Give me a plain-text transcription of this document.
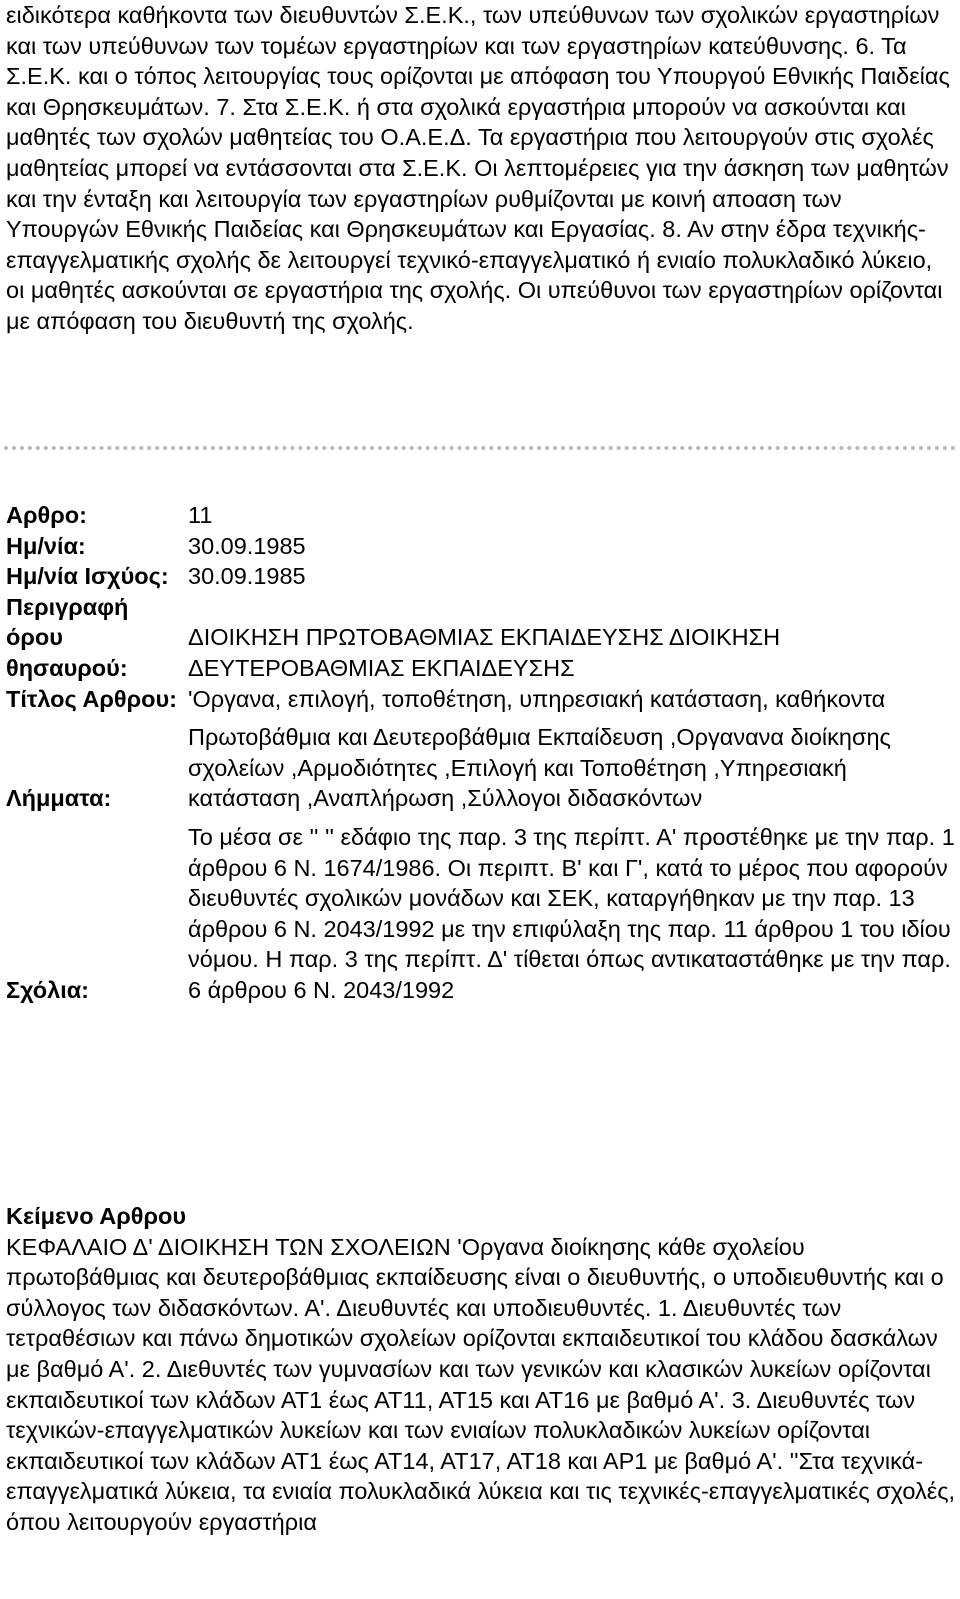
ειδικότερα καθήκοντα των διευθυντών Σ.Ε.Κ., των υπεύθυνων των σχολικών εργαστηρίων και των υπεύθυνων των τομέων εργαστηρίων και των εργαστηρίων κατεύθυνσης. 6. Τα Σ.Ε.Κ. και ο τόπος λειτουργίας τους ορίζονται με απόφαση του Υπουργού Εθνικής Παιδείας και Θρησκευμάτων. 7. Στα Σ.Ε.Κ. ή στα σχολικά εργαστήρια μπορούν να ασκούνται και μαθητές των σχολών μαθητείας του Ο.Α.Ε.Δ. Τα εργαστήρια που λειτουργούν στις σχολές μαθητείας μπορεί να εντάσσονται στα Σ.Ε.Κ. Οι λεπτομέρειες για την άσκηση των μαθητών και την ένταξη και λειτουργία των εργαστηρίων ρυθμίζονται με κοινή αποαση των Υπουργών Εθνικής Παιδείας και Θρησκευμάτων και Εργασίας. 8. Αν στην έδρα τεχνικής-επαγγελματικής σχολής δε λειτουργεί τεχνικό-επαγγελματικό ή ενιαίο πολυκλαδικό λύκειο, οι μαθητές ασκούνται σε εργαστήρια της σχολής. Οι υπεύθυνοι των εργαστηρίων ορίζονται με απόφαση του διευθυντή της σχολής.

Αρθρο:	11
Ημ/νία:	30.09.1985
Ημ/νία Ισχύος:	30.09.1985
Περιγραφή όρου θησαυρού:	ΔΙΟΙΚΗΣΗ ΠΡΩΤΟΒΑΘΜΙΑΣ ΕΚΠΑΙΔΕΥΣΗΣ ΔΙΟΙΚΗΣΗ ΔΕΥΤΕΡΟΒΑΘΜΙΑΣ ΕΚΠΑΙΔΕΥΣΗΣ
Τίτλος Αρθρου:	'Οργανα, επιλογή, τοποθέτηση, υπηρεσιακή κατάσταση, καθήκοντα
Λήμματα:	Πρωτοβάθμια και Δευτεροβάθμια Εκπαίδευση ,Οργανανα διοίκησης σχολείων ,Αρμοδιότητες ,Επιλογή και Τοποθέτηση ,Υπηρεσιακή κατάσταση ,Αναπλήρωση ,Σύλλογοι διδασκόντων
Σχόλια:	Το μέσα σε '' '' εδάφιο της παρ. 3 της περίπτ. Α' προστέθηκε με την παρ. 1 άρθρου 6 Ν. 1674/1986. Οι περιπτ. Β' και Γ', κατά το μέρος που αφορούν διευθυντές σχολικών μονάδων και ΣΕΚ, καταργήθηκαν με την παρ. 13 άρθρου 6 Ν. 2043/1992 με την επιφύλαξη της παρ. 11 άρθρου 1 του ιδίου νόμου. Η παρ. 3 της περίπτ. Δ' τίθεται όπως αντικαταστάθηκε με την παρ. 6 άρθρου 6 Ν. 2043/1992

Κείμενο Αρθρου

ΚΕΦΑΛΑΙΟ Δ' ΔΙΟΙΚΗΣΗ ΤΩΝ ΣΧΟΛΕΙΩΝ 'Οργανα διοίκησης κάθε σχολείου πρωτοβάθμιας και δευτεροβάθμιας εκπαίδευσης είναι ο διευθυντής, ο υποδιευθυντής και ο σύλλογος των διδασκόντων. Α'. Διευθυντές και υποδιευθυντές. 1. Διευθυντές των τετραθέσιων και πάνω δημοτικών σχολείων ορίζονται εκπαιδευτικοί του κλάδου δασκάλων με βαθμό Α'. 2. Διεθυντές των γυμνασίων και των γενικών και κλασικών λυκείων ορίζονται εκπαιδευτικοί των κλάδων ΑΤ1 έως ΑΤ11, ΑΤ15 και ΑΤ16 με βαθμό Α'. 3. Διευθυντές των τεχνικών-επαγγελματικών λυκείων και των ενιαίων πολυκλαδικών λυκείων ορίζονται εκπαιδευτικοί των κλάδων ΑΤ1 έως ΑΤ14, ΑΤ17, ΑΤ18 και ΑΡ1 με βαθμό Α'. ''Στα τεχνικά-επαγγελματικά λύκεια, τα ενιαία πολυκλαδικά λύκεια και τις τεχνικές-επαγγελματικές σχολές, όπου λειτουργούν εργαστήρια
